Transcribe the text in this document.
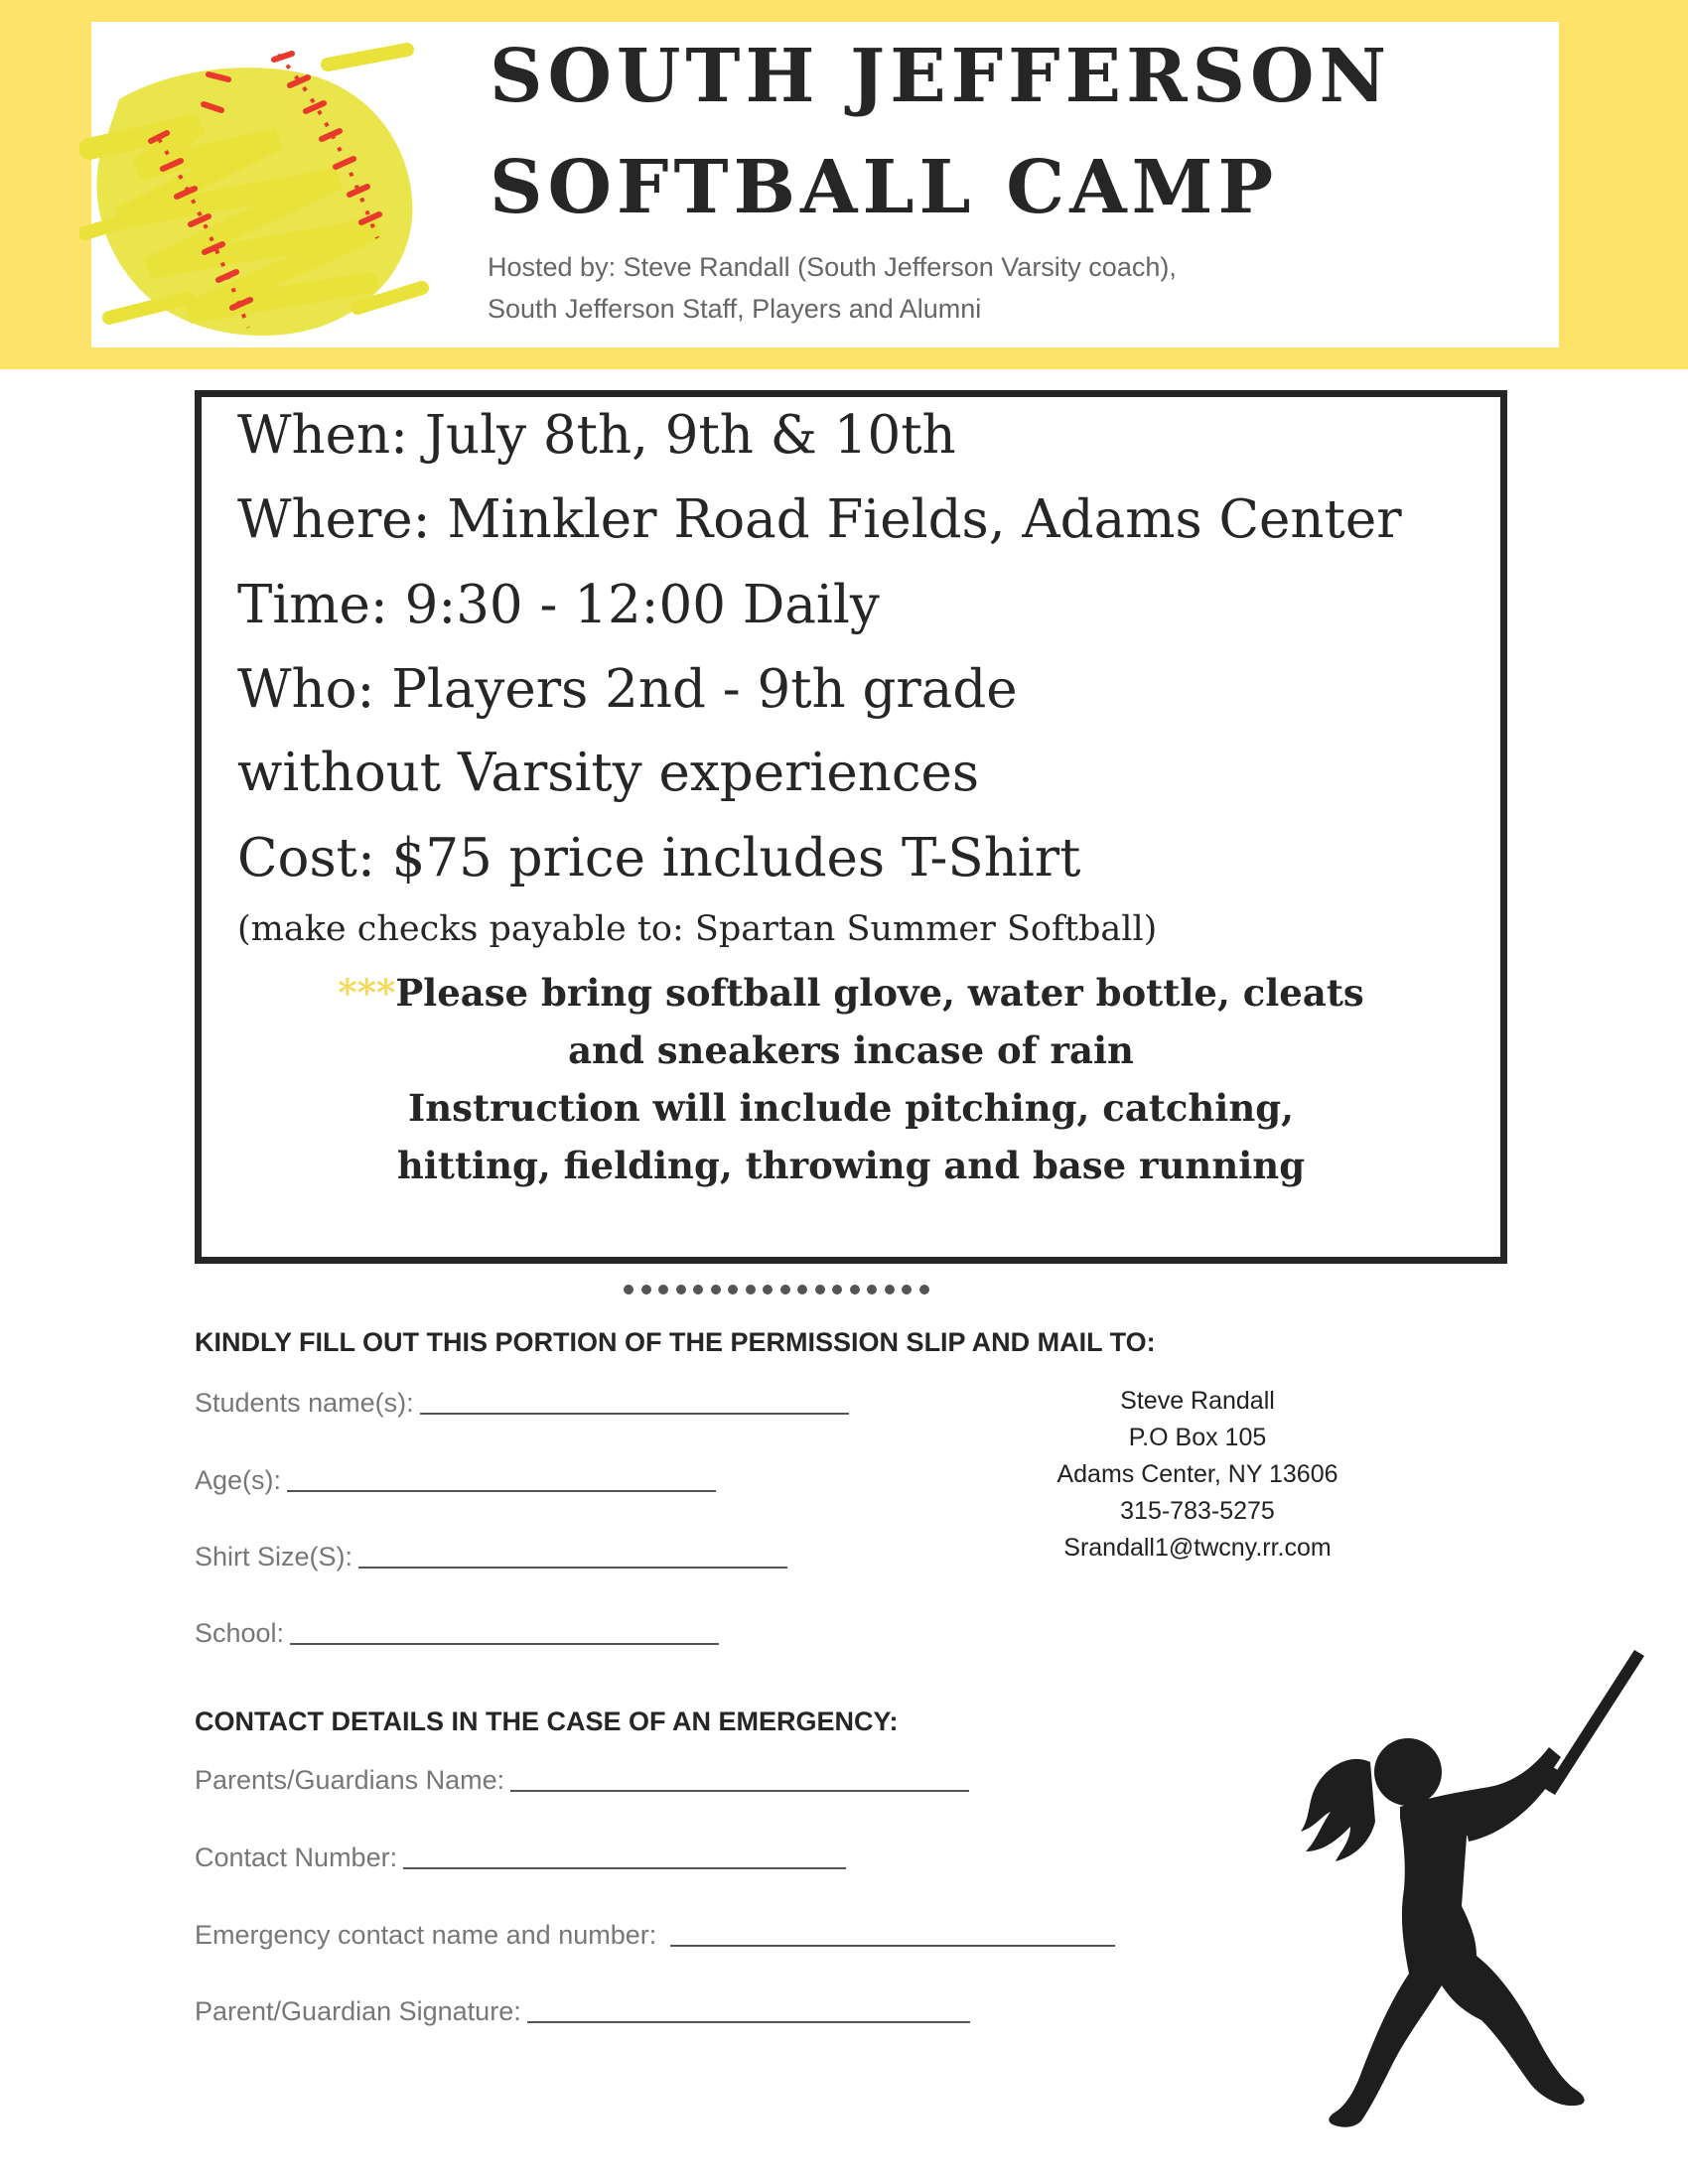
SOUTH JEFFERSON
SOFTBALL CAMP
Hosted by: Steve Randall (South Jefferson Varsity coach),
South Jefferson Staff, Players and Alumni
When: July 8th, 9th & 10th
Where: Minkler Road Fields, Adams Center
Time: 9:30 - 12:00 Daily
Who: Players 2nd - 9th grade
without Varsity experiences
Cost: $75 price includes T-Shirt
(make checks payable to: Spartan Summer Softball)
***Please bring softball glove, water bottle, cleats
and sneakers incase of rain
Instruction will include pitching, catching,
hitting, fielding, throwing and base running
KINDLY FILL OUT THIS PORTION OF THE PERMISSION SLIP AND MAIL TO:
Students name(s):
Age(s):
Shirt Size(S):
School:
Steve Randall
P.O Box 105
Adams Center, NY 13606
315-783-5275
Srandall1@twcny.rr.com
CONTACT DETAILS IN THE CASE OF AN EMERGENCY:
Parents/Guardians Name:
Contact Number:
Emergency contact name and number:
Parent/Guardian Signature:
